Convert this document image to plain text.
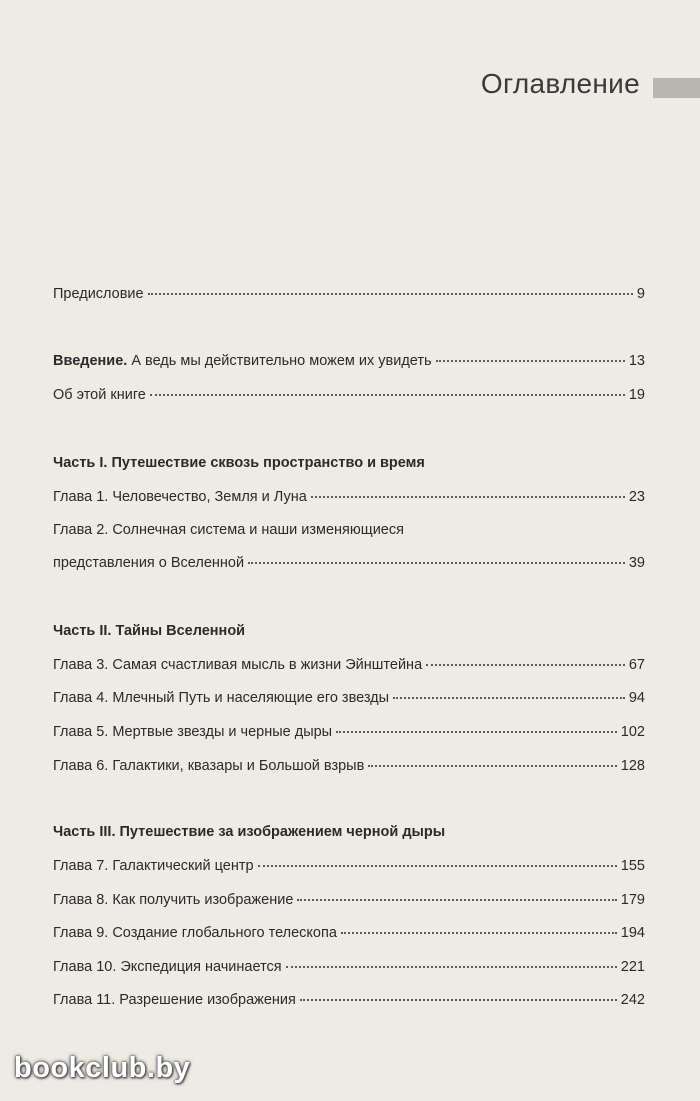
Оглавление
Предисловие	9
Введение. А ведь мы действительно можем их увидеть	13
Об этой книге	19
Часть I. Путешествие сквозь пространство и время
Глава 1. Человечество, Земля и Луна	23
Глава 2. Солнечная система и наши изменяющиеся
представления о Вселенной	39
Часть II. Тайны Вселенной
Глава 3. Самая счастливая мысль в жизни Эйнштейна	67
Глава 4. Млечный Путь и населяющие его звезды	94
Глава 5. Мертвые звезды и черные дыры	102
Глава 6. Галактики, квазары и Большой взрыв	128
Часть III. Путешествие за изображением черной дыры
Глава 7. Галактический центр	155
Глава 8. Как получить изображение	179
Глава 9. Создание глобального телескопа	194
Глава 10. Экспедиция начинается	221
Глава 11. Разрешение изображения	242
bookclub.by
